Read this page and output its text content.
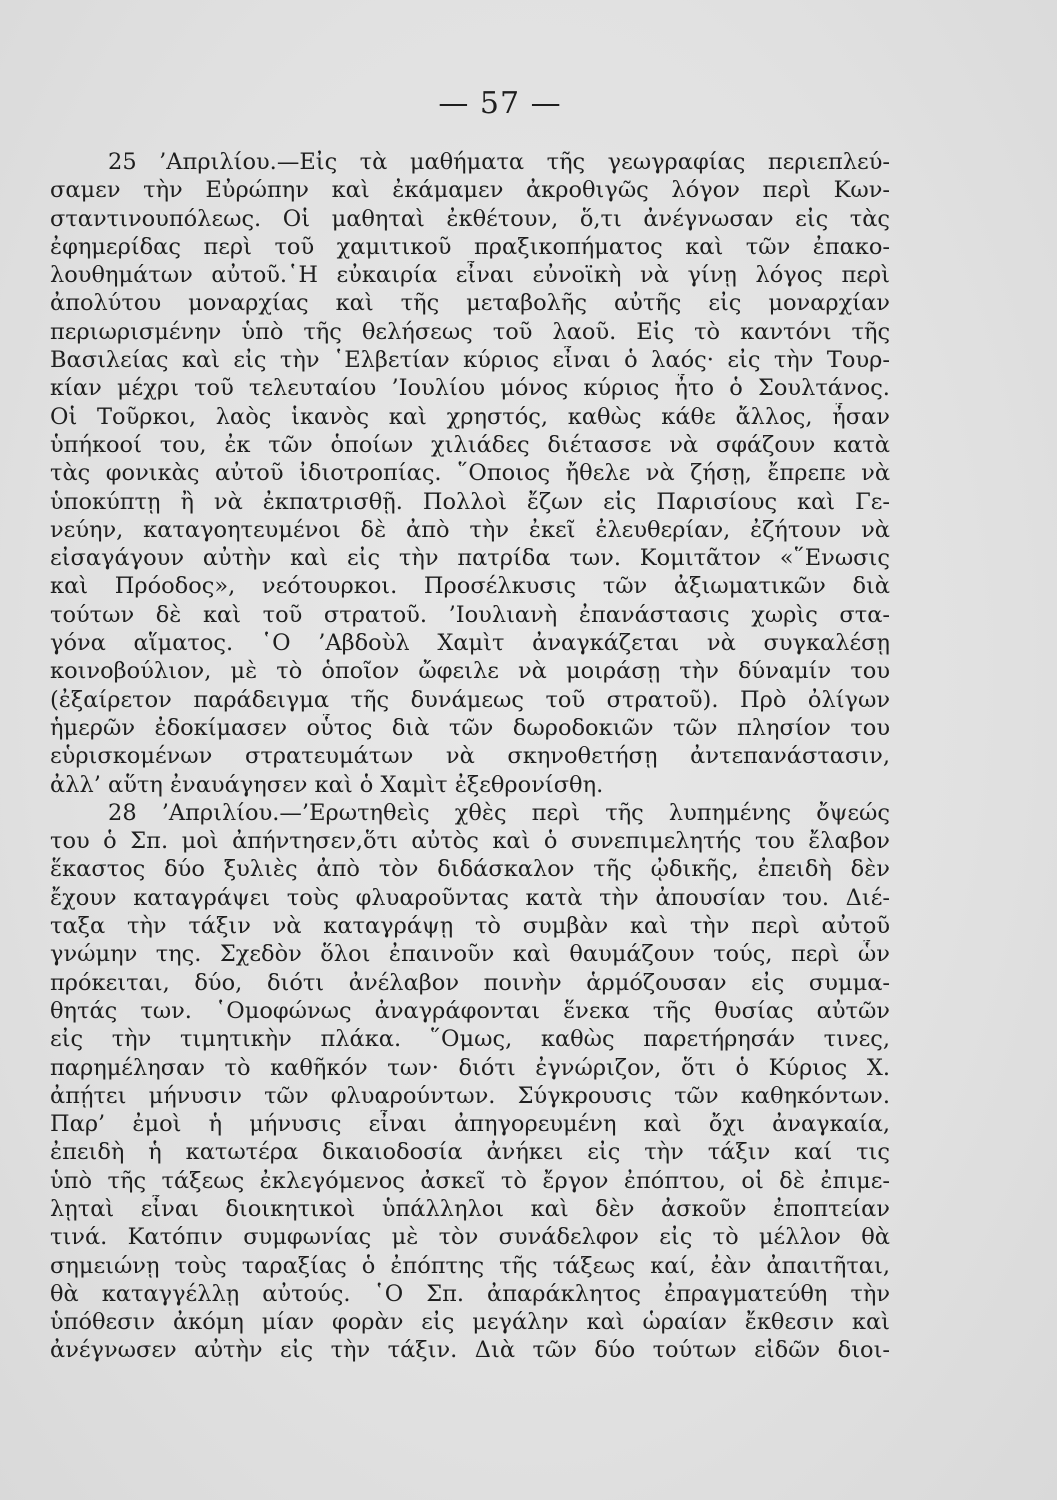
— 57 —
25 ’Απριλίου.—Εἰς τὰ μαθήματα τῆς γεωγραφίας περιεπλεύ-
σαμεν τὴν Εὐρώπην καὶ ἐκάμαμεν ἀκροθιγῶς λόγον περὶ Κων-
σταντινουπόλεως. Οἱ μαθηταὶ ἐκθέτουν, ὅ,τι ἀνέγνωσαν εἰς τὰς
ἐφημερίδας περὶ τοῦ χαμιτικοῦ πραξικοπήματος καὶ τῶν ἐπακο-
λουθημάτων αὐτοῦ.῾Η εὐκαιρία εἶναι εὐνοϊκὴ νὰ γίνῃ λόγος περὶ
ἀπολύτου μοναρχίας καὶ τῆς μεταβολῆς αὐτῆς εἰς μοναρχίαν
περιωρισμένην ὑπὸ τῆς θελήσεως τοῦ λαοῦ. Εἰς τὸ καντόνι τῆς
Βασιλείας καὶ εἰς τὴν ῾Ελβετίαν κύριος εἶναι ὁ λαός· εἰς τὴν Τουρ-
κίαν μέχρι τοῦ τελευταίου ’Ιουλίου μόνος κύριος ἦτο ὁ Σουλτάνος.
Οἱ Τοῦρκοι, λαὸς ἱκανὸς καὶ χρηστός, καθὼς κάθε ἄλλος, ἦσαν
ὑπήκοοί του, ἐκ τῶν ὁποίων χιλιάδες διέτασσε νὰ σφάζουν κατὰ
τὰς φονικὰς αὐτοῦ ἰδιοτροπίας. ῞Οποιος ἤθελε νὰ ζήσῃ, ἔπρεπε νὰ
ὑποκύπτῃ ἢ νὰ ἐκπατρισθῇ. Πολλοὶ ἔζων εἰς Παρισίους καὶ Γε-
νεύην, καταγοητευμένοι δὲ ἀπὸ τὴν ἐκεῖ ἐλευθερίαν, ἐζήτουν νὰ
εἰσαγάγουν αὐτὴν καὶ εἰς τὴν πατρίδα των. Κομιτᾶτον «῞Ενωσις
καὶ Πρόοδος», νεότουρκοι. Προσέλκυσις τῶν ἀξιωματικῶν διὰ
τούτων δὲ καὶ τοῦ στρατοῦ. ’Ιουλιανὴ ἐπανάστασις χωρὶς στα-
γόνα αἵματος. ῾Ο ’Αβδοὺλ Χαμὶτ ἀναγκάζεται νὰ συγκαλέσῃ
κοινοβούλιον, μὲ τὸ ὁποῖον ὤφειλε νὰ μοιράσῃ τὴν δύναμίν του
(ἐξαίρετον παράδειγμα τῆς δυνάμεως τοῦ στρατοῦ). Πρὸ ὀλίγων
ἡμερῶν ἐδοκίμασεν οὗτος διὰ τῶν δωροδοκιῶν τῶν πλησίον του
εὑρισκομένων στρατευμάτων νὰ σκηνοθετήσῃ ἀντεπανάστασιν,
ἀλλ’ αὕτη ἐναυάγησεν καὶ ὁ Χαμὶτ ἐξεθρονίσθη.
28 ’Απριλίου.—’Ερωτηθεὶς χθὲς περὶ τῆς λυπημένης ὄψεώς
του ὁ Σπ. μοὶ ἀπήντησεν,ὅτι αὐτὸς καὶ ὁ συνεπιμελητής του ἔλαβον
ἕκαστος δύο ξυλιὲς ἀπὸ τὸν διδάσκαλον τῆς ᾠδικῆς, ἐπειδὴ δὲν
ἔχουν καταγράψει τοὺς φλυαροῦντας κατὰ τὴν ἀπουσίαν του. Διέ-
ταξα τὴν τάξιν νὰ καταγράψῃ τὸ συμβὰν καὶ τὴν περὶ αὐτοῦ
γνώμην της. Σχεδὸν ὅλοι ἐπαινοῦν καὶ θαυμάζουν τούς, περὶ ὧν
πρόκειται, δύο, διότι ἀνέλαβον ποινὴν ἁρμόζουσαν εἰς συμμα-
θητάς των. ῾Ομοφώνως ἀναγράφονται ἕνεκα τῆς θυσίας αὐτῶν
εἰς τὴν τιμητικὴν πλάκα. ῞Ομως, καθὼς παρετήρησάν τινες,
παρημέλησαν τὸ καθῆκόν των· διότι ἐγνώριζον, ὅτι ὁ Κύριος Χ.
ἀπῄτει μήνυσιν τῶν φλυαρούντων. Σύγκρουσις τῶν καθηκόντων.
Παρ’ ἐμοὶ ἡ μήνυσις εἶναι ἀπηγορευμένη καὶ ὄχι ἀναγκαία,
ἐπειδὴ ἡ κατωτέρα δικαιοδοσία ἀνήκει εἰς τὴν τάξιν καί τις
ὑπὸ τῆς τάξεως ἐκλεγόμενος ἀσκεῖ τὸ ἔργον ἐπόπτου, οἱ δὲ ἐπιμε-
λῃταὶ εἶναι διοικητικοὶ ὑπάλληλοι καὶ δὲν ἀσκοῦν ἐποπτείαν
τινά. Κατόπιν συμφωνίας μὲ τὸν συνάδελφον εἰς τὸ μέλλον θὰ
σημειώνῃ τοὺς ταραξίας ὁ ἐπόπτης τῆς τάξεως καί, ἐὰν ἀπαιτῆται,
θὰ καταγγέλλῃ αὐτούς. ῾Ο Σπ. ἀπαράκλητος ἐπραγματεύθη τὴν
ὑπόθεσιν ἀκόμη μίαν φορὰν εἰς μεγάλην καὶ ὡραίαν ἔκθεσιν καὶ
ἀνέγνωσεν αὐτὴν εἰς τὴν τάξιν. Διὰ τῶν δύο τούτων εἰδῶν διοι-
